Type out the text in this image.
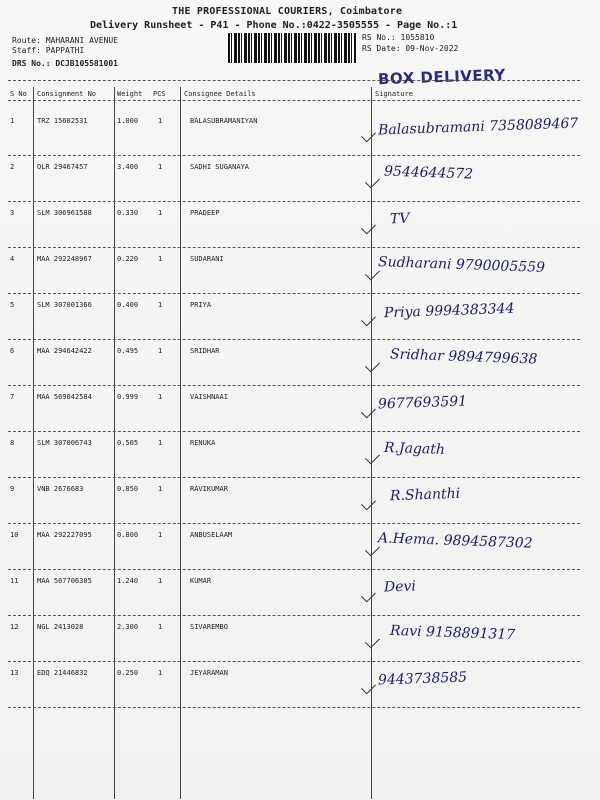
THE PROFESSIONAL COURIERS, Coimbatore
Delivery Runsheet - P41 - Phone No.:0422-3505555 - Page No.:1
Route: MAHARANI AVENUE
Staff: PAPPATHI
DRS No.: DCJB105581001
RS No.: 1055810
RS Date: 09-Nov-2022
BOX DELIVERY
S No Consignment No	Weight PCS	Consignee Details	Signature
1	TRZ 15602531	1.000	1	BALASUBRAMANIYAN	Balasubramani 7358089467
2	OLR 29467457	3.400	1	SADHI SUGANAYA	9544644572
3	SLM 306961588	0.330	1	PRADEEP	TV
4	MAA 292248967	0.220	1	SUDARANI	Sudharani 9790005559
5	SLM 307001366	0.400	1	PRIYA	Priya 9994383344
6	MAA 294642422	0.495	1	SRIDHAR	Sridhar 9894799638
7	MAA 569042584	0.999	1	VAISHNAAI	9677693591
8	SLM 307006743	0.505	1	RENUKA	R.Jagath
9	VNB 2676683	0.850	1	RAVIKUMAR	R.Shanthi
10	MAA 292227095	0.800	1	ANBUSELAAM	A.Hema. 9894587302
11	MAA 567706305	1.240	1	KUMAR	Devi
12	NGL 2413028	2.300	1	SIVAREMBO	Ravi 9158891317
13	EDQ 21446832	0.250	1	JEYARAMAN	9443738585
